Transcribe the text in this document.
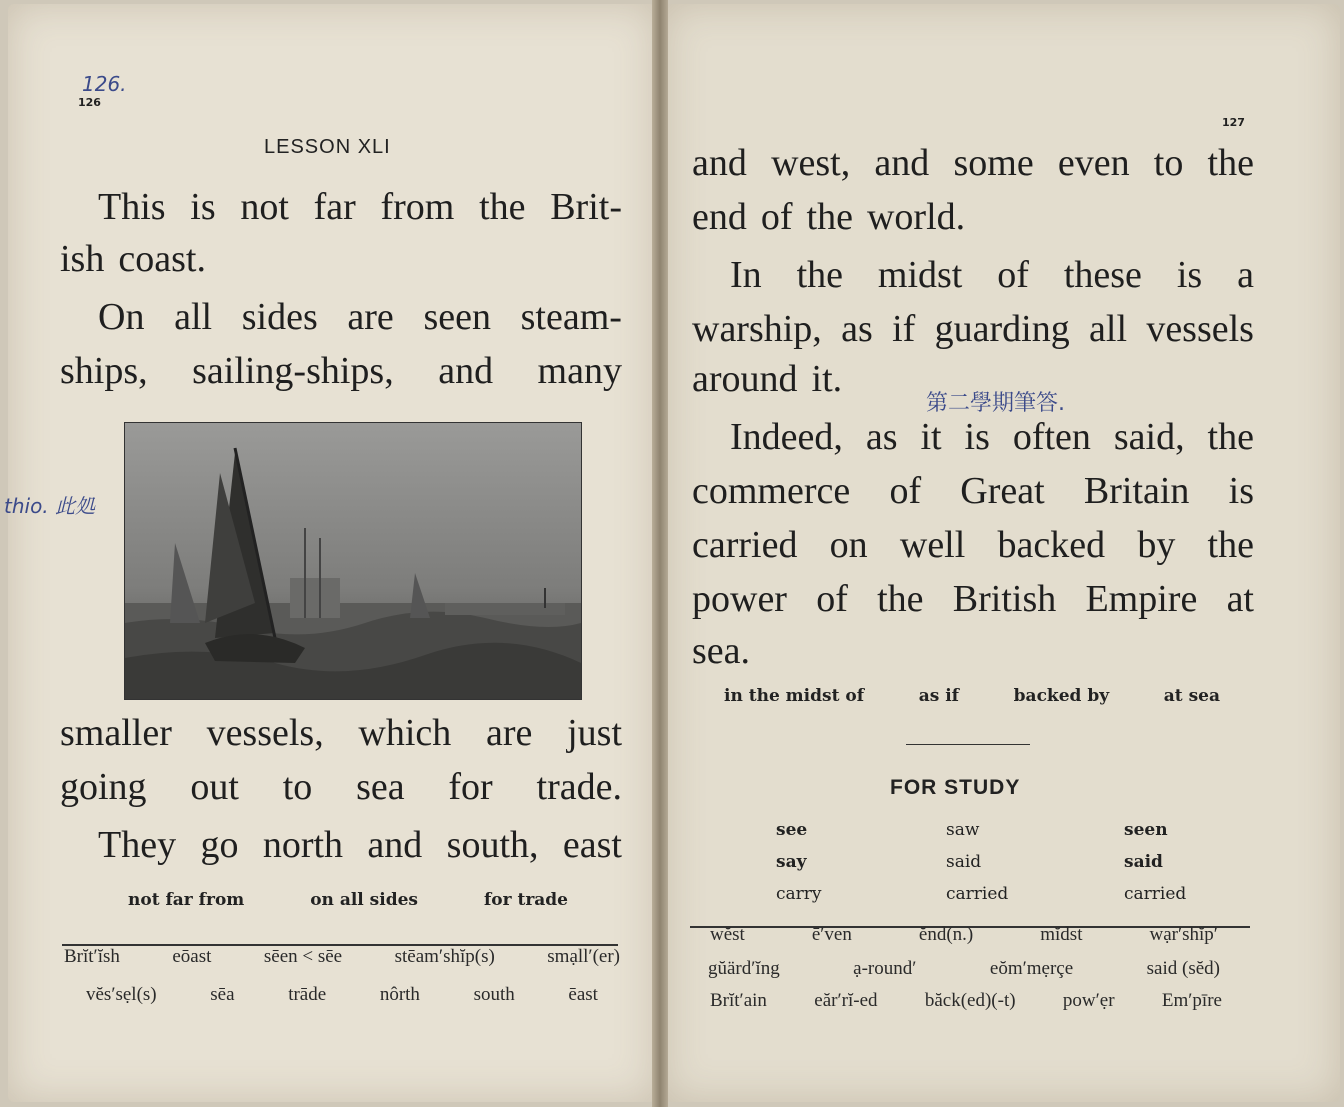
126.
126
LESSON XLI
This is not far from the Brit-
ish coast.
On all sides are seen steam-
ships, sailing-ships, and many
smaller vessels, which are just
going out to sea for trade.
They go north and south, east
thio. 此処
not far from	on all sides	for trade
Brĭt′ĭsh	eōast	sēen < sēe	stēam′shĭp(s)	smạll′(er)
vĕs′sẹl(s)	sēa	trāde	nôrth	south	ēast
127
and west, and some even to the
end of the world.
In the midst of these is a
warship, as if guarding all vessels
around it.
Indeed, as it is often said, the
commerce of Great Britain is
carried on well backed by the
power of the British Empire at
sea.
第二學期筆答.
in the midst of	as if	backed by	at sea
FOR STUDY
see	saw	seen
say	said	said
carry	carried	carried
wĕst	ē′ven	ĕnd(n.)	mĭdst	wạr′shĭp′
gŭärd′ĭng	ạ-round′	eŏm′mẹrçe	said (sĕd)
Brĭt′ain eăr′rĭ-ed băck(ed)(-t) pow′ẹr Em′pīre
